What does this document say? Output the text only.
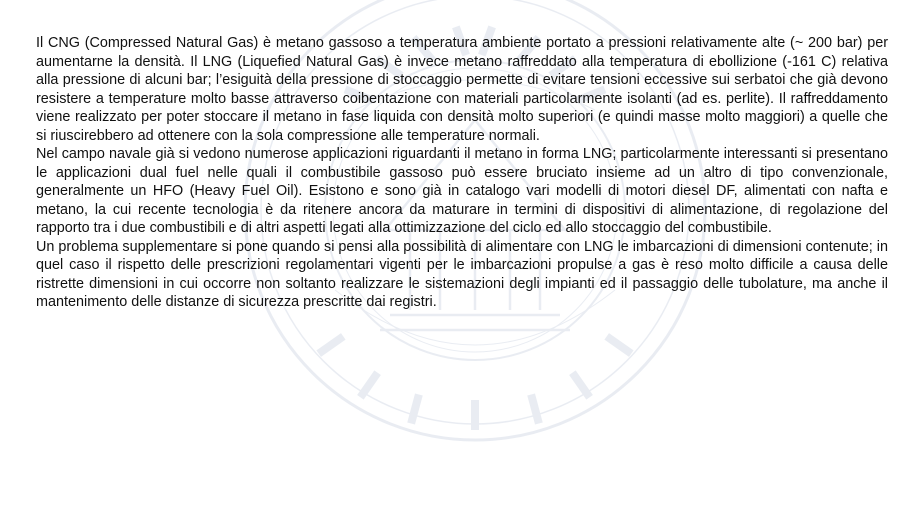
Il CNG (Compressed Natural Gas) è metano gassoso a temperatura ambiente portato a pressioni relativamente alte (~ 200 bar) per aumentarne la densità. Il LNG (Liquefied Natural Gas) è invece metano raffreddato alla temperatura di ebollizione (-161 C) relativa alla pressione di alcuni bar; l’esiguità della pressione di stoccaggio permette di evitare tensioni eccessive sui serbatoi che già devono resistere a temperature molto basse attraverso coibentazione con materiali particolarmente isolanti (ad es. perlite). Il raffreddamento viene realizzato per poter stoccare il metano in fase liquida con densità molto superiori (e quindi masse molto maggiori) a quelle che si riuscirebbero ad ottenere con la sola compressione alle temperature normali.

Nel campo navale già si vedono numerose applicazioni riguardanti il metano in forma LNG; particolarmente interessanti si presentano le applicazioni dual fuel nelle quali il combustibile gassoso può essere bruciato insieme ad un altro di tipo convenzionale, generalmente un HFO (Heavy Fuel Oil). Esistono e sono già in catalogo vari modelli di motori diesel DF, alimentati con nafta e metano, la cui recente tecnologia è da ritenere ancora da maturare in termini di dispositivi di alimentazione, di regolazione del rapporto tra i due combustibili e di altri aspetti legati alla ottimizzazione del ciclo ed allo stoccaggio del combustibile.

Un problema supplementare si pone quando si pensi alla possibilità di alimentare con LNG le imbarcazioni di dimensioni contenute; in quel caso il rispetto delle prescrizioni regolamentari vigenti per le imbarcazioni propulse a gas è reso molto difficile a causa delle ristrette dimensioni in cui occorre non soltanto realizzare le sistemazioni degli impianti ed il passaggio delle tubolature, ma anche il mantenimento delle distanze di sicurezza prescritte dai registri.
